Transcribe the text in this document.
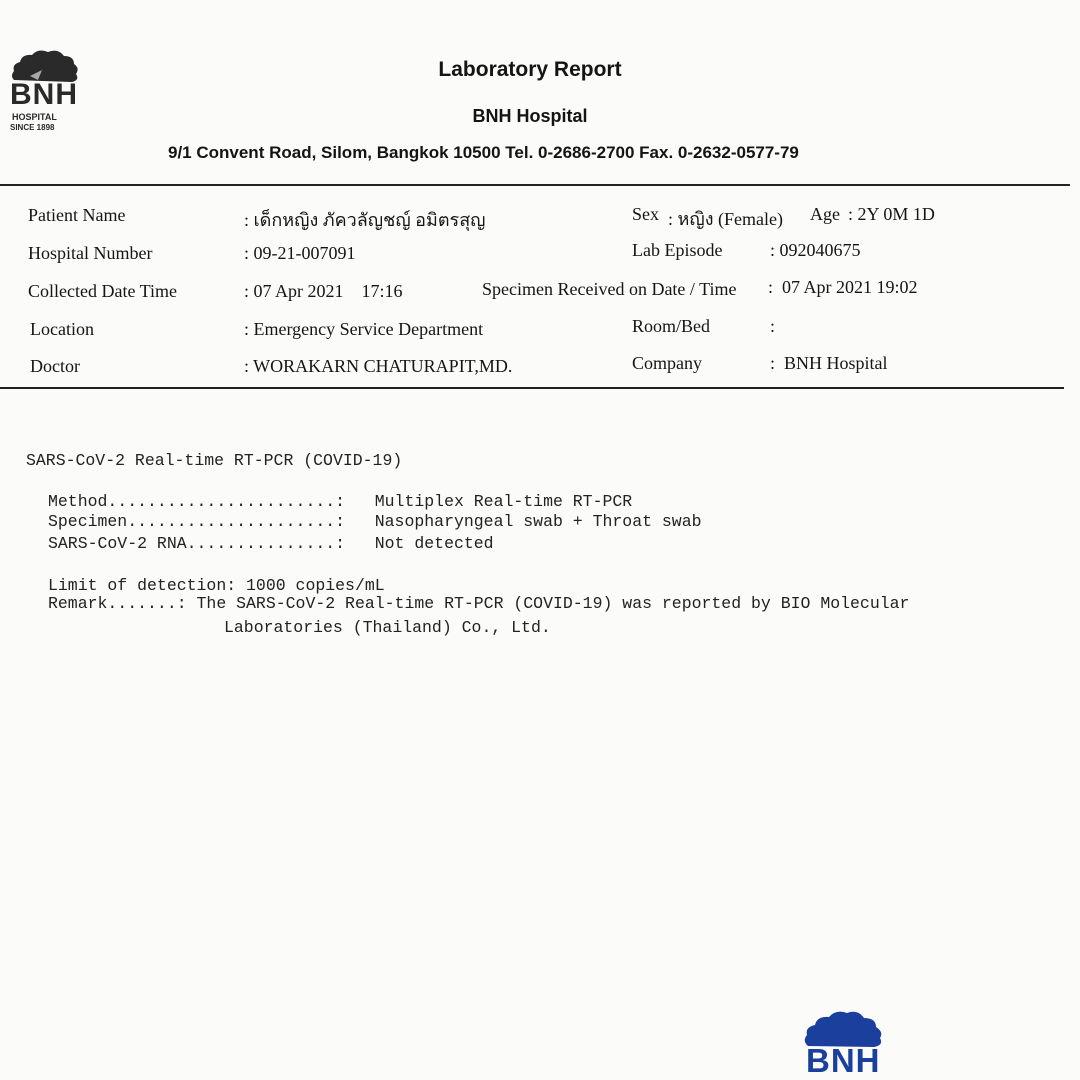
BNH
HOSPITAL
SINCE 1898
Laboratory Report
BNH Hospital
9/1 Convent Road, Silom, Bangkok 10500 Tel. 0-2686-2700 Fax. 0-2632-0577-79
Patient Name	: เด็กหญิง ภัควลัญชญ์ อมิตรสุญ	Sex : หญิง (Female) Age : 2Y 0M 1D
Hospital Number	: 09-21-007091	Lab Episode	: 092040675
Collected Date Time	: 07 Apr 2021    17:16	Specimen Received on Date / Time :  07 Apr 2021 19:02
Location	: Emergency Service Department	Room/Bed	:
Doctor	: WORAKARN CHATURAPIT,MD.	Company	:  BNH Hospital
SARS-CoV-2 Real-time RT-PCR (COVID-19)
Method.......................:   Multiplex Real-time RT-PCR
Specimen.....................:   Nasopharyngeal swab + Throat swab
SARS-CoV-2 RNA...............:   Not detected
Limit of detection: 1000 copies/mL
Remark.......: The SARS-CoV-2 Real-time RT-PCR (COVID-19) was reported by BIO Molecular
Laboratories (Thailand) Co., Ltd.
BNH
